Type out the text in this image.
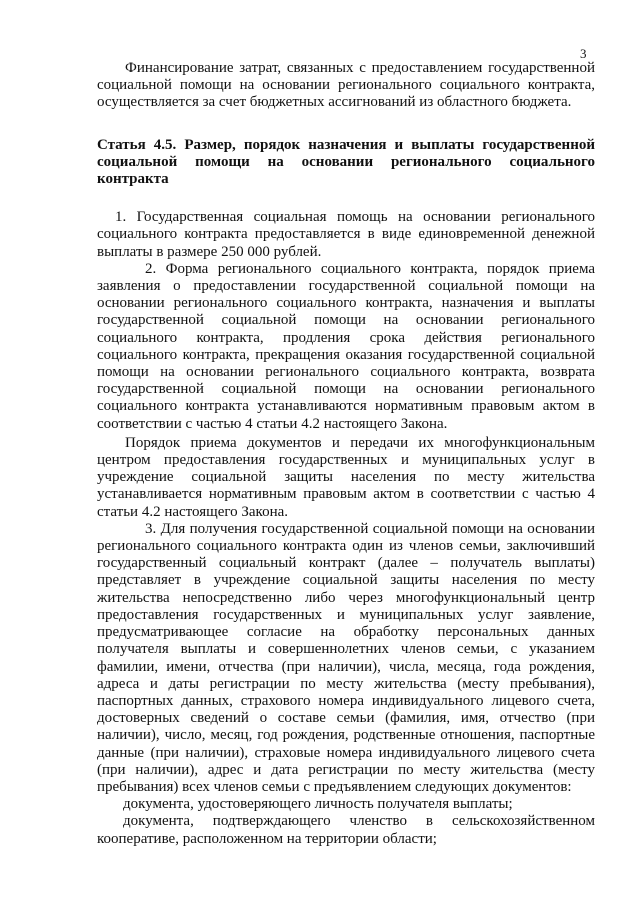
3

Финансирование затрат, связанных с предоставлением государственной социальной помощи на основании регионального социального контракта, осуществляется за счет бюджетных ассигнований из областного бюджета.

Статья 4.5. Размер, порядок назначения и выплаты государственной социальной помощи на основании регионального социального контракта

1. Государственная социальная помощь на основании регионального социального контракта предоставляется в виде единовременной денежной выплаты в размере 250 000 рублей.

2. Форма регионального социального контракта, порядок приема заявления о предоставлении государственной социальной помощи на основании регионального социального контракта, назначения и выплаты государственной социальной помощи на основании регионального социального контракта, продления срока действия регионального социального контракта, прекращения оказания государственной социальной помощи на основании регионального социального контракта, возврата государственной социальной помощи на основании регионального социального контракта устанавливаются нормативным правовым актом в соответствии с частью 4 статьи 4.2 настоящего Закона.

Порядок приема документов и передачи их многофункциональным центром предоставления государственных и муниципальных услуг в учреждение социальной защиты населения по месту жительства устанавливается нормативным правовым актом в соответствии с частью 4 статьи 4.2 настоящего Закона.

3. Для получения государственной социальной помощи на основании регионального социального контракта один из членов семьи, заключивший государственный социальный контракт (далее – получатель выплаты) представляет в учреждение социальной защиты населения по месту жительства непосредственно либо через многофункциональный центр предоставления государственных и муниципальных услуг заявление, предусматривающее согласие на обработку персональных данных получателя выплаты и совершеннолетних членов семьи, с указанием фамилии, имени, отчества (при наличии), числа, месяца, года рождения, адреса и даты регистрации по месту жительства (месту пребывания), паспортных данных, страхового номера индивидуального лицевого счета, достоверных сведений о составе семьи (фамилия, имя, отчество (при наличии), число, месяц, год рождения, родственные отношения, паспортные данные (при наличии), страховые номера индивидуального лицевого счета (при наличии), адрес и дата регистрации по месту жительства (месту пребывания) всех членов семьи с предъявлением следующих документов:

документа, удостоверяющего личность получателя выплаты;

документа, подтверждающего членство в сельскохозяйственном кооперативе, расположенном на территории области;
